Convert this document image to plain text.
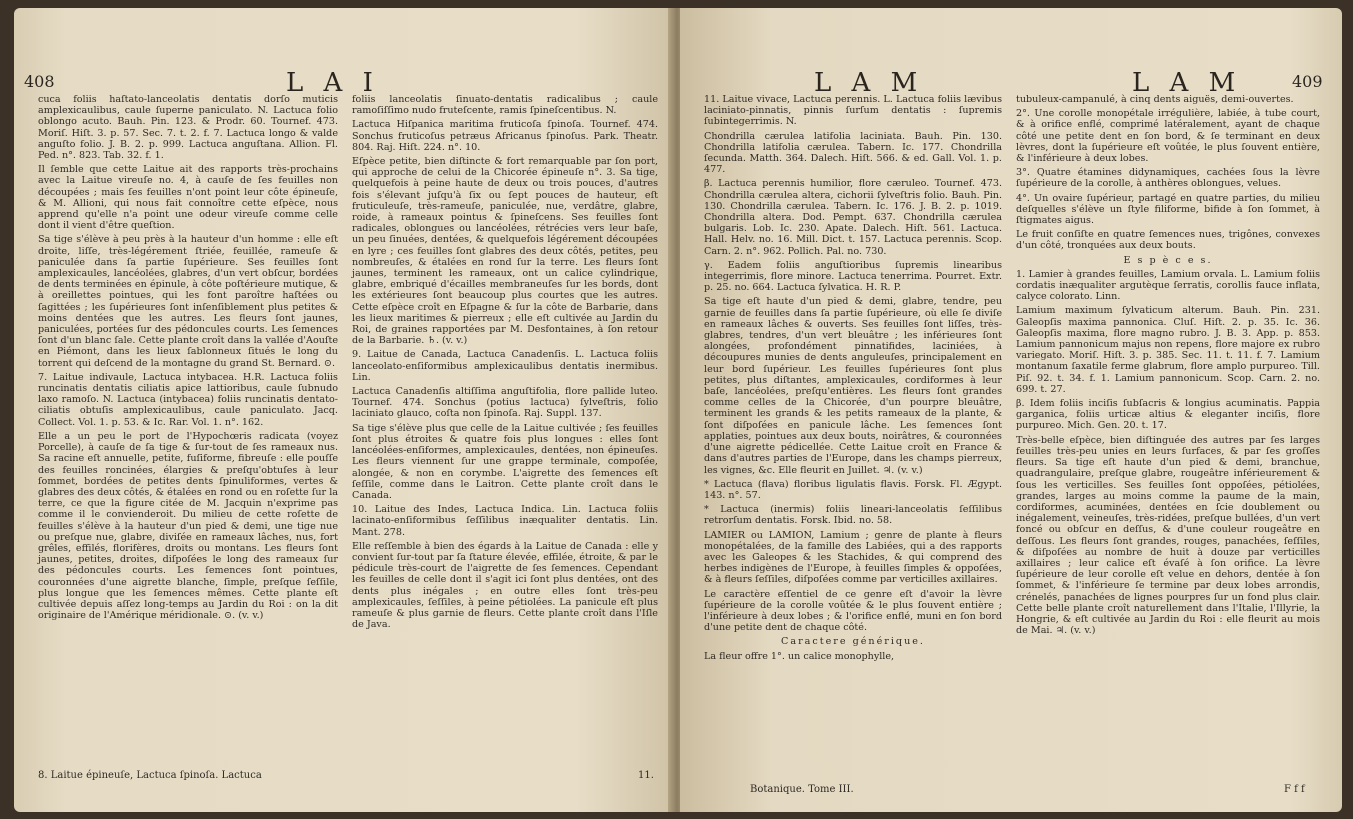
408	L A I

cuca foliis haſtato-lanceolatis dentatis dorſo muticis amplexicaulibus, caule ſuperne paniculato. N. Lactuca folio oblongo acuto. Bauh. Pin. 123. & Prodr. 60. Tournef. 473. Moriſ. Hiſt. 3. p. 57. Sec. 7. t. 2. f. 7. Lactuca longo & valde anguſto folio. J. B. 2. p. 999. Lactuca anguſtana. Allion. Fl. Ped. n°. 823. Tab. 32. f. 1.

Il ſemble que cette Laitue ait des rapports très-prochains avec la Laitue vireuſe no. 4, à cauſe de ſes feuilles non découpées ; mais ſes feuilles n'ont point leur côte épineuſe, & M. Allioni, qui nous fait connoître cette eſpèce, nous apprend qu'elle n'a point une odeur vireuſe comme celle dont il vient d'être queſtion.

Sa tige s'élève à peu près à la hauteur d'un homme : elle eſt droite, liſſe, très-légérement ſtriée, feuillée, rameuſe & paniculée dans ſa partie ſupérieure. Ses feuilles ſont amplexicaules, lancéolées, glabres, d'un vert obſcur, bordées de dents terminées en épinule, à côte poſtérieure mutique, & à oreillettes pointues, qui les font paroître haſtées ou ſagittées ; les ſupérieures ſont inſenſiblement plus petites & moins dentées que les autres. Les fleurs ſont jaunes, paniculées, portées ſur des pédoncules courts. Les ſemences ſont d'un blanc ſale. Cette plante croît dans la vallée d'Aouſte en Piémont, dans les lieux ſablonneux ſitués le long du torrent qui deſcend de la montagne du grand St. Bernard. ⊙.

7. Laitue indivaule, Lactuca intybacea. H.R. Lactuca foliis runcinatis dentatis ciliatis apice lattioribus, caule ſubnudo laxo ramoſo. N. Lactuca (intybacea) foliis runcinatis dentato-ciliatis obtuſis amplexicaulibus, caule paniculato. Jacq. Collect. Vol. 1. p. 53. & Ic. Rar. Vol. 1. n°. 162.

Elle a un peu le port de l'Hypochœris radicata (voyez Porcelle), à cauſe de ſa tige & ſur-tout de ſes rameaux nus. Sa racine eſt annuelle, petite, fuſiforme, fibreuſe : elle pouſſe des feuilles roncinées, élargies & preſqu'obtuſes à leur ſommet, bordées de petites dents ſpinuliformes, vertes & glabres des deux côtés, & étalées en rond ou en roſette ſur la terre, ce que la figure citée de M. Jacquin n'exprime pas comme il le convienderoit. Du milieu de cette roſette de feuilles s'élève à la hauteur d'un pied & demi, une tige nue ou preſque nue, glabre, diviſée en rameaux lâches, nus, fort grêles, effilés, florifères, droits ou montans. Les fleurs ſont jaunes, petites, droites, diſpoſées le long des rameaux ſur des pédoncules courts. Les ſemences ſont pointues, couronnées d'une aigrette blanche, ſimple, preſque ſeſſile, plus longue que les ſemences mêmes. Cette plante eſt cultivée depuis aſſez long-temps au Jardin du Roi : on la dit originaire de l'Amérique méridionale. ⊙. (v. v.)

8. Laitue épineuſe, Lactuca ſpinoſa. Lactuca

foliis lanceolatis ſinuato-dentatis radicalibus ; caule ramoſiſſimo nudo fruteſcente, ramis ſpineſcentibus. N.

Lactuca Hiſpanica maritima fruticoſa ſpinoſa. Tournef. 474. Sonchus fruticoſus petræus Africanus ſpinoſus. Park. Theatr. 804. Raj. Hiſt. 224. n°. 10.

Eſpèce petite, bien diſtincte & fort remarquable par ſon port, qui approche de celui de la Chicorée épineuſe n°. 3. Sa tige, quelquefois à peine haute de deux ou trois pouces, d'autres fois s'élevant juſqu'à ſix ou ſept pouces de hauteur, eſt fruticuleuſe, très-rameuſe, paniculée, nue, verdâtre, glabre, roide, à rameaux pointus & ſpineſcens. Ses feuilles ſont radicales, oblongues ou lancéolées, rétrécies vers leur baſe, un peu ſinuées, dentées, & quelquefois légérement découpées en lyre ; ces feuilles ſont glabres des deux côtés, petites, peu nombreuſes, & étalées en rond ſur la terre. Les fleurs ſont jaunes, terminent les rameaux, ont un calice cylindrique, glabre, embriqué d'écailles membraneuſes ſur les bords, dont les extérieures ſont beaucoup plus courtes que les autres. Cette eſpèce croît en Eſpagne & ſur la côte de Barbarie, dans les lieux maritimes & pierreux ; elle eſt cultivée au Jardin du Roi, de graines rapportées par M. Desfontaines, à ſon retour de la Barbarie. ♄. (v. v.)

9. Laitue de Canada, Lactuca Canadenſis. L. Lactuca foliis lanceolato-enſiformibus amplexicaulibus dentatis inermibus. Lin.

Lactuca Canadenſis altiſſima anguſtifolia, flore pallide luteo. Tournef. 474. Sonchus (potius lactuca) ſylveſtris, folio laciniato glauco, coſta non ſpinoſa. Raj. Suppl. 137.

Sa tige s'élève plus que celle de la Laitue cultivée ; ſes feuilles ſont plus étroites & quatre fois plus longues : elles ſont lancéolées-enſiformes, amplexicaules, dentées, non épineuſes. Les fleurs viennent ſur une grappe terminale, compoſée, alongée, & non en corymbe. L'aigrette des ſemences eſt ſeſſile, comme dans le Laitron. Cette plante croît dans le Canada.

10. Laitue des Indes, Lactuca Indica. Lin. Lactuca foliis lacinato-enſiformibus ſeſſilibus inæqualiter dentatis. Lin. Mant. 278.

Elle reſſemble à bien des égards à la Laitue de Canada : elle y convient ſur-tout par ſa ſtature élevée, effilée, étroite, & par le pédicule très-court de l'aigrette de ſes ſemences. Cependant les feuilles de celle dont il s'agit ici ſont plus dentées, ont des dents plus inégales ; en outre elles ſont très-peu amplexicaules, ſeſſiles, à peine pétiolées. La panicule eſt plus rameuſe & plus garnie de fleurs. Cette plante croît dans l'Iſle de Java.

11.
L A M	L A M	409

11. Laitue vivace, Lactuca perennis. L. Lactuca foliis lævibus laciniato-pinnatis, pinnis ſurſum dentatis : ſupremis ſubintegerrimis. N.

Chondrilla cærulea latifolia laciniata. Bauh. Pin. 130. Chondrilla latifolia cærulea. Tabern. Ic. 177. Chondrilla ſecunda. Matth. 364. Dalech. Hiſt. 566. & ed. Gall. Vol. 1. p. 477.

β. Lactuca perennis humilior, flore cæruleo. Tournef. 473. Chondrilla cærulea altera, cichorii ſylveſtris folio. Bauh. Pin. 130. Chondrilla cærulea. Tabern. Ic. 176. J. B. 2. p. 1019. Chondrilla altera. Dod. Pempt. 637. Chondrilla cærulea bulgaris. Lob. Ic. 230. Apate. Dalech. Hiſt. 561. Lactuca. Hall. Helv. no. 16. Mill. Dict. t. 157. Lactuca perennis. Scop. Carn. 2. n°. 962. Pollich. Pal. no. 730.

γ. Eadem foliis anguſtioribus ſupremis linearibus integerrimis, flore minore. Lactuca tenerrima. Pourret. Extr. p. 25. no. 664. Lactuca ſylvatica. H. R. P.

Sa tige eſt haute d'un pied & demi, glabre, tendre, peu garnie de feuilles dans ſa partie ſupérieure, où elle ſe diviſe en rameaux lâches & ouverts. Ses feuilles ſont liſſes, très-glabres, tendres, d'un vert bleuâtre ; les inférieures ſont alongées, profondément pinnatifides, laciniées, à découpures munies de dents anguleuſes, principalement en leur bord ſupérieur. Les feuilles ſupérieures ſont plus petites, plus diſtantes, amplexicaules, cordiformes à leur baſe, lancéolées, preſqu'entières. Les fleurs ſont grandes comme celles de la Chicorée, d'un pourpre bleuâtre, terminent les grands & les petits rameaux de la plante, & ſont diſpoſées en panicule lâche. Les ſemences ſont applaties, pointues aux deux bouts, noirâtres, & couronnées d'une aigrette pédicellée. Cette Laitue croît en France & dans d'autres parties de l'Europe, dans les champs pierreux, les vignes, &c. Elle fleurit en Juillet. ♃. (v. v.)

* Lactuca (flava) floribus ligulatis flavis. Forsk. Fl. Ægypt. 143. n°. 57.

* Lactuca (inermis) foliis lineari-lanceolatis ſeſſilibus retrorſum dentatis. Forsk. Ibid. no. 58.

LAMIER ou LAMION, Lamium ; genre de plante à fleurs monopétalées, de la famille des Labiées, qui a des rapports avec les Galeopes & les Stachides, & qui comprend des herbes indigènes de l'Europe, à feuilles ſimples & oppoſées, & à fleurs ſeſſiles, diſpoſées comme par verticilles axillaires.

Le caractère eſſentiel de ce genre eſt d'avoir la lèvre ſupérieure de la corolle voûtée & le plus ſouvent entière ; l'inférieure à deux lobes ; & l'orifice enflé, muni en ſon bord d'une petite dent de chaque côté.

Caractere générique.

La fleur offre 1°. un calice monophylle,

Botanique. Tome III.

tubuleux-campanulé, à cinq dents aiguës, demi-ouvertes.

2°. Une corolle monopétale irrégulière, labiée, à tube court, & à orifice enflé, comprimé latéralement, ayant de chaque côté une petite dent en ſon bord, & ſe terminant en deux lèvres, dont la ſupérieure eſt voûtée, le plus ſouvent entière, & l'inférieure à deux lobes.

3°. Quatre étamines didynamiques, cachées ſous la lèvre ſupérieure de la corolle, à anthères oblongues, velues.

4°. Un ovaire ſupérieur, partagé en quatre parties, du milieu deſquelles s'élève un ſtyle filiforme, bifide à ſon ſommet, à ſtigmates aigus.

Le fruit conſiſte en quatre ſemences nues, trigônes, convexes d'un côté, tronquées aux deux bouts.

E s p è c e s.

1. Lamier à grandes feuilles, Lamium orvala. L. Lamium foliis cordatis inæqualiter argutèque ſerratis, corollis fauce inflata, calyce colorato. Linn.

Lamium maximum ſylvaticum alterum. Bauh. Pin. 231. Galeopſis maxima pannonica. Cluſ. Hiſt. 2. p. 35. Ic. 36. Galeopſis maxima, flore magno rubro. J. B. 3. App. p. 853. Lamium pannonicum majus non repens, flore majore ex rubro variegato. Moriſ. Hiſt. 3. p. 385. Sec. 11. t. 11. f. 7. Lamium montanum ſaxatile ferme glabrum, flore amplo purpureo. Till. Piſ. 92. t. 34. f. 1. Lamium pannonicum. Scop. Carn. 2. no. 699. t. 27.

β. Idem foliis inciſis ſubſacris & longius acuminatis. Pappia garganica, foliis urticæ altius & eleganter inciſis, flore purpureo. Mich. Gen. 20. t. 17.

Très-belle eſpèce, bien diſtinguée des autres par ſes larges feuilles très-peu unies en leurs ſurfaces, & par ſes groſſes fleurs. Sa tige eſt haute d'un pied & demi, branchue, quadrangulaire, preſque glabre, rougeâtre inférieurement & ſous les verticilles. Ses feuilles ſont oppoſées, pétiolées, grandes, larges au moins comme la paume de la main, cordiformes, acuminées, dentées en ſcie doublement ou inégalement, veineuſes, très-ridées, preſque bullées, d'un vert foncé ou obſcur en deſſus, & d'une couleur rougeâtre en deſſous. Les fleurs ſont grandes, rouges, panachées, ſeſſiles, & diſpoſées au nombre de huit à douze par verticilles axillaires ; leur calice eſt évaſé à ſon orifice. La lèvre ſupérieure de leur corolle eſt velue en dehors, dentée à ſon ſommet, & l'inférieure ſe termine par deux lobes arrondis, crénelés, panachées de lignes pourpres ſur un fond plus clair. Cette belle plante croît naturellement dans l'Italie, l'Illyrie, la Hongrie, & eſt cultivée au Jardin du Roi : elle fleurit au mois de Mai. ♃. (v. v.)

F f f
